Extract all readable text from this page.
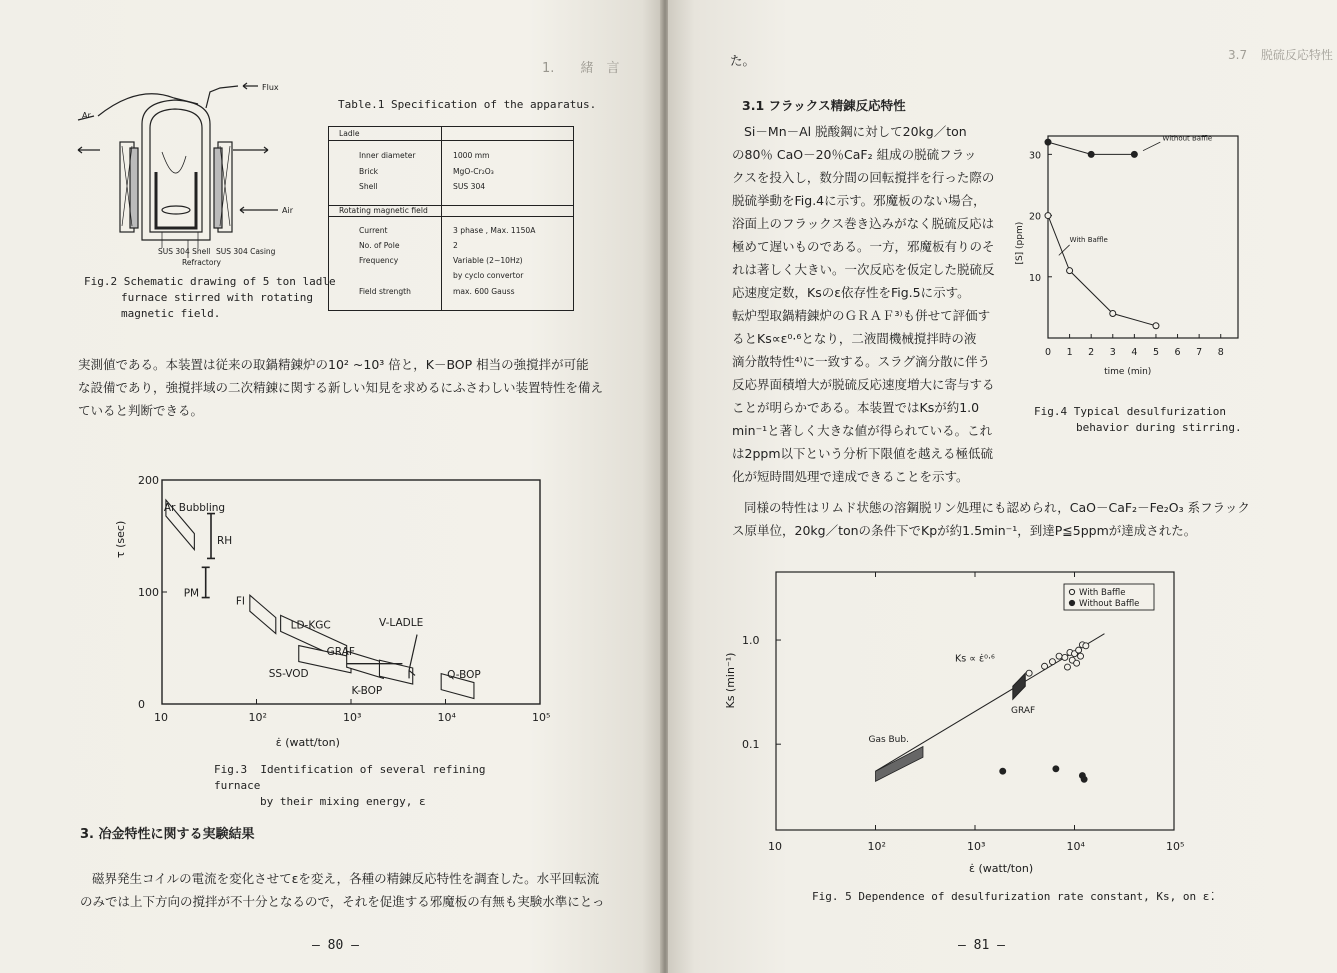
1. 緒　言

Flux
Ar
Air
SUS 304 Shell SUS 304 Casing
Refractory
Fig.2 Schematic drawing of 5 ton ladle
furnace stirred with rotating
magnetic field.
Table.1 Specification of the apparatus.
Ladle
Inner diameter	1000 mm
Brick	MgO-Cr₂O₃
Shell	SUS 304
Rotating magnetic field
Current	3 phase , Max. 1150A
No. of Pole	2
Frequency	Variable (2~10Hz)
by cyclo convertor
Field strength	max. 600 Gauss
実測値である。本装置は従来の取鍋精錬炉の10² ~10³ 倍と，K－BOP 相当の強撹拌が可能
な設備であり，強撹拌域の二次精錬に関する新しい知見を求めるにふさわしい装置特性を備え
ていると判断できる。
10	10²	10³	10⁴	10⁵
0
100
200
ε̇ (watt/ton)
τ (sec)
Ar Bubbling
RH
PM
FI
LD-KGC
SS-VOD
GRAF
K-BOP
V-LADLE
Q-BOP
Fig.3  Identification of several refining furnace
by their mixing energy, ε
3. 冶金特性に関する実験結果
磁界発生コイルの電流を変化させてεを変え，各種の精錬反応特性を調査した。水平回転流
のみでは上下方向の撹拌が不十分となるので，それを促進する邪魔板の有無も実験水準にとっ
— 80 —
3.7 脱硫反応特性
た。
3.1 フラックス精錬反応特性
Si－Mn－Al 脱酸鋼に対して20kg／ton
の80％ CaO－20％CaF₂ 組成の脱硫フラッ
クスを投入し，数分間の回転撹拌を行った際の
脱硫挙動をFig.4に示す。邪魔板のない場合，
浴面上のフラックス巻き込みがなく脱硫反応は
極めて遅いものである。一方，邪魔板有りのそ
れは著しく大きい。一次反応を仮定した脱硫反
応速度定数，Ksのε依存性をFig.5に示す。
転炉型取鍋精錬炉のＧＲＡＦ³⁾も併せて評価す
るとKs∝ε⁰·⁶となり，二液間機械撹拌時の液
滴分散特性⁴⁾に一致する。スラグ滴分散に伴う
反応界面積増大が脱硫反応速度増大に寄与する
ことが明らかである。本装置ではKsが約1.0
min⁻¹と著しく大きな値が得られている。これ
は2ppm以下という分析下限値を越える極低硫
化が短時間処理で達成できることを示す。
同様の特性はリムド状態の溶鋼脱リン処理にも認められ，CaO－CaF₂－Fe₂O₃ 系フラック
ス原単位，20kg／tonの条件下でKpが約1.5min⁻¹，到達P≦5ppmが達成された。
0 1 2 3 4 5 6 7 8
10
20
30
time (min)
[S] (ppm)
Without Baffle
With Baffle
Fig.4 Typical desulfurization
behavior during stirring.
10	10²	10³	10⁴	10⁵
0.1
1.0
ε̇ (watt/ton)
Ks (min⁻¹)
Gas Bub.
GRAF
Ks ∝ ε̇⁰·⁶
With Baffle
Without Baffle
Fig. 5 Dependence of desulfurization rate constant, Ks, on ε̇.
— 81 —
